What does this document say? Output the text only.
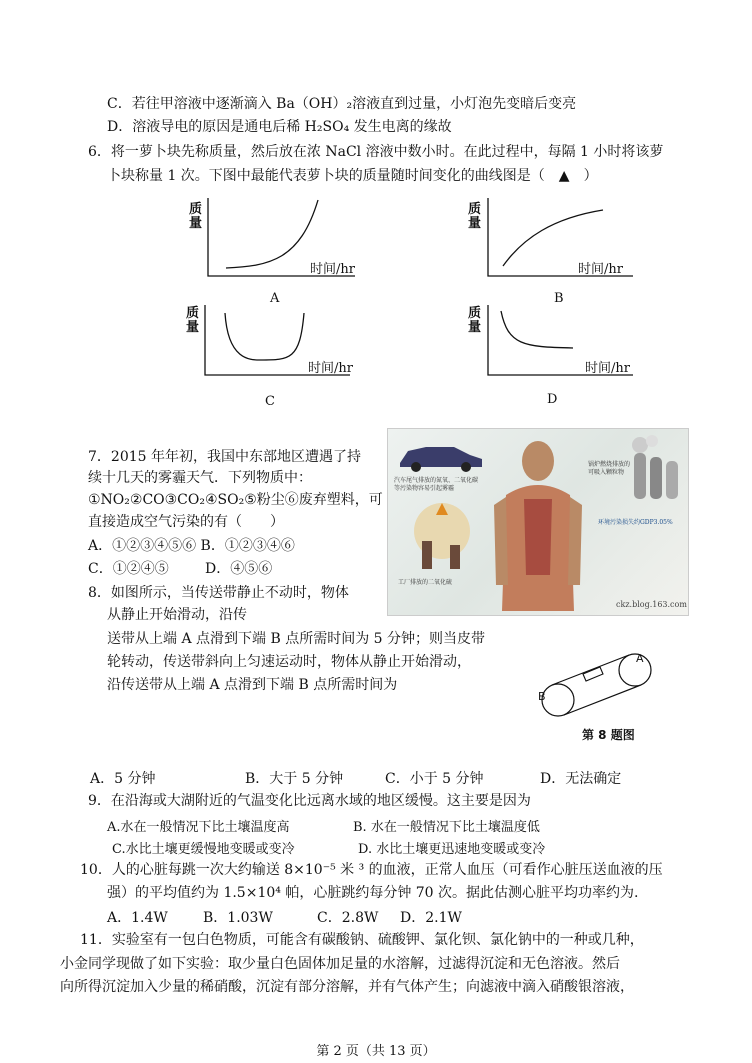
C．若往甲溶液中逐渐滴入 Ba（OH）₂溶液直到过量，小灯泡先变暗后变亮
D．溶液导电的原因是通电后稀 H₂SO₄ 发生电离的缘故
6．将一萝卜块先称质量，然后放在浓 NaCl 溶液中数小时。在此过程中，每隔 1 小时将该萝
卜块称量 1 次。下图中最能代表萝卜块的质量随时间变化的曲线图是（　▲　）
质量
时间/hr
A
质量
时间/hr
B
质量
时间/hr
C
质量
时间/hr
D
7．2015 年年初，我国中东部地区遭遇了持
续十几天的雾霾天气．下列物质中：
①NO₂②CO③CO₂④SO₂⑤粉尘⑥废弃塑料，可
直接造成空气污染的有（　　）
A．①②③④⑤⑥ B．①②③④⑥
C．①②④⑤	D．④⑤⑥
汽车尾气排放的氮氧、二氧化碳等污染物容易引起雾霾
锅炉燃烧排放的可吸入颗粒物
环境污染损失约GDP3.05%
工厂排放的二氧化硫
ckz.blog.163.com
8．如图所示，当传送带静止不动时，物体
从静止开始滑动，沿传
送带从上端 A 点滑到下端 B 点所需时间为 5 分钟；则当皮带
轮转动，传送带斜向上匀速运动时，物体从静止开始滑动，
沿传送带从上端 A 点滑到下端 B 点所需时间为
A
B
第 8 题图
A．5 分钟	B．大于 5 分钟	C．小于 5 分钟	D．无法确定
9．在沿海或大湖附近的气温变化比远离水域的地区缓慢。这主要是因为
A.水在一般情况下比土壤温度高	B. 水在一般情况下比土壤温度低
C.水比土壤更缓慢地变暖或变冷	D. 水比土壤更迅速地变暖或变冷
10．人的心脏每跳一次大约输送 8×10⁻⁵ 米 ³ 的血液，正常人血压（可看作心脏压送血液的压
强）的平均值约为 1.5×10⁴ 帕，心脏跳约每分钟 70 次。据此估测心脏平均功率约为.
A．1.4W	B．1.03W	C．2.8W D．2.1W
11．实验室有一包白色物质，可能含有碳酸钠、硫酸钾、氯化钡、氯化钠中的一种或几种，
小金同学现做了如下实验：取少量白色固体加足量的水溶解，过滤得沉淀和无色溶液。然后
向所得沉淀加入少量的稀硝酸，沉淀有部分溶解，并有气体产生；向滤液中滴入硝酸银溶液，
第 2 页（共 13 页）
